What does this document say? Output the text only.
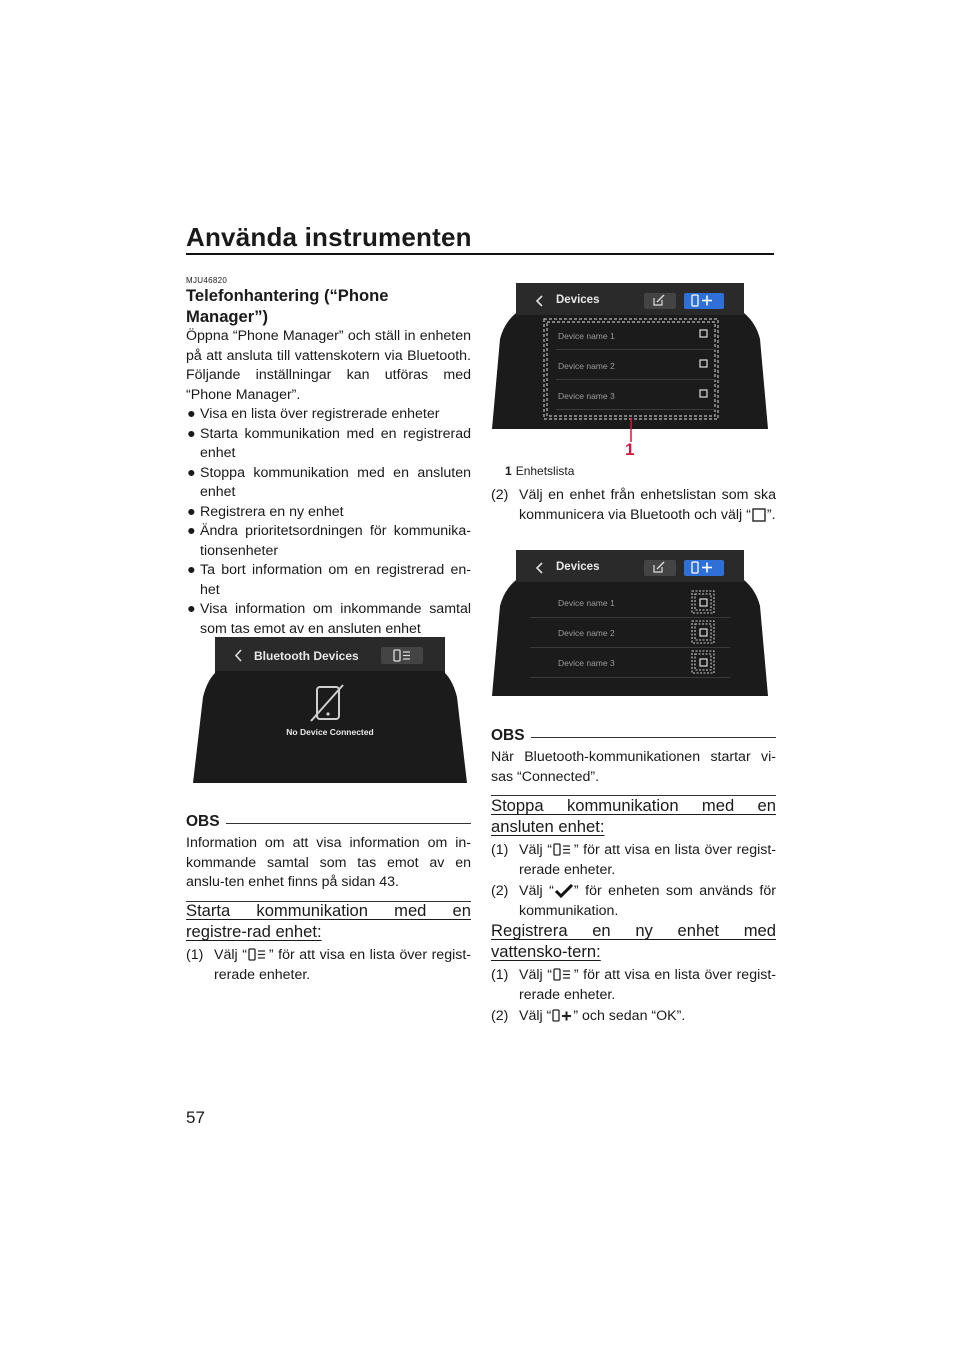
Använda instrumenten

MJU46820

Telefonhantering (“Phone Manager”)

Öppna “Phone Manager” och ställ in enheten på att ansluta till vattenskotern via Bluetooth. Följande inställningar kan utföras med “Phone Manager”.

● Visa en lista över registrerade enheter
● Starta kommunikation med en registrerad enhet
● Stoppa kommunikation med en ansluten enhet
● Registrera en ny enhet
● Ändra prioritetsordningen för kommunika-tionsenheter
● Ta bort information om en registrerad en-het
● Visa information om inkommande samtal som tas emot av en ansluten enhet
Bluetooth Devices
No Device Connected
OBS

Information om att visa information om in-kommande samtal som tas emot av en anslu-ten enhet finns på sidan 43.

Starta kommunikation med en registre-rad enhet:

(1) Välj “ ” för att visa en lista över regist-rerade enheter.
Devices
Device name 1
Device name 2
Device name 3
1
1 Enhetslista
(2) Välj en enhet från enhetslistan som ska kommunicera via Bluetooth och välj “ ”.
Devices
Device name 1
Device name 2
Device name 3
OBS

När Bluetooth-kommunikationen startar vi-sas “Connected”.

Stoppa kommunikation med en ansluten enhet:

(1) Välj “ ” för att visa en lista över regist-rerade enheter.
(2) Välj “ ” för enheten som används för kommunikation.

Registrera en ny enhet med vattensko-tern:

(1) Välj “ ” för att visa en lista över regist-rerade enheter.
(2) Välj “ ” och sedan “OK”.
57
